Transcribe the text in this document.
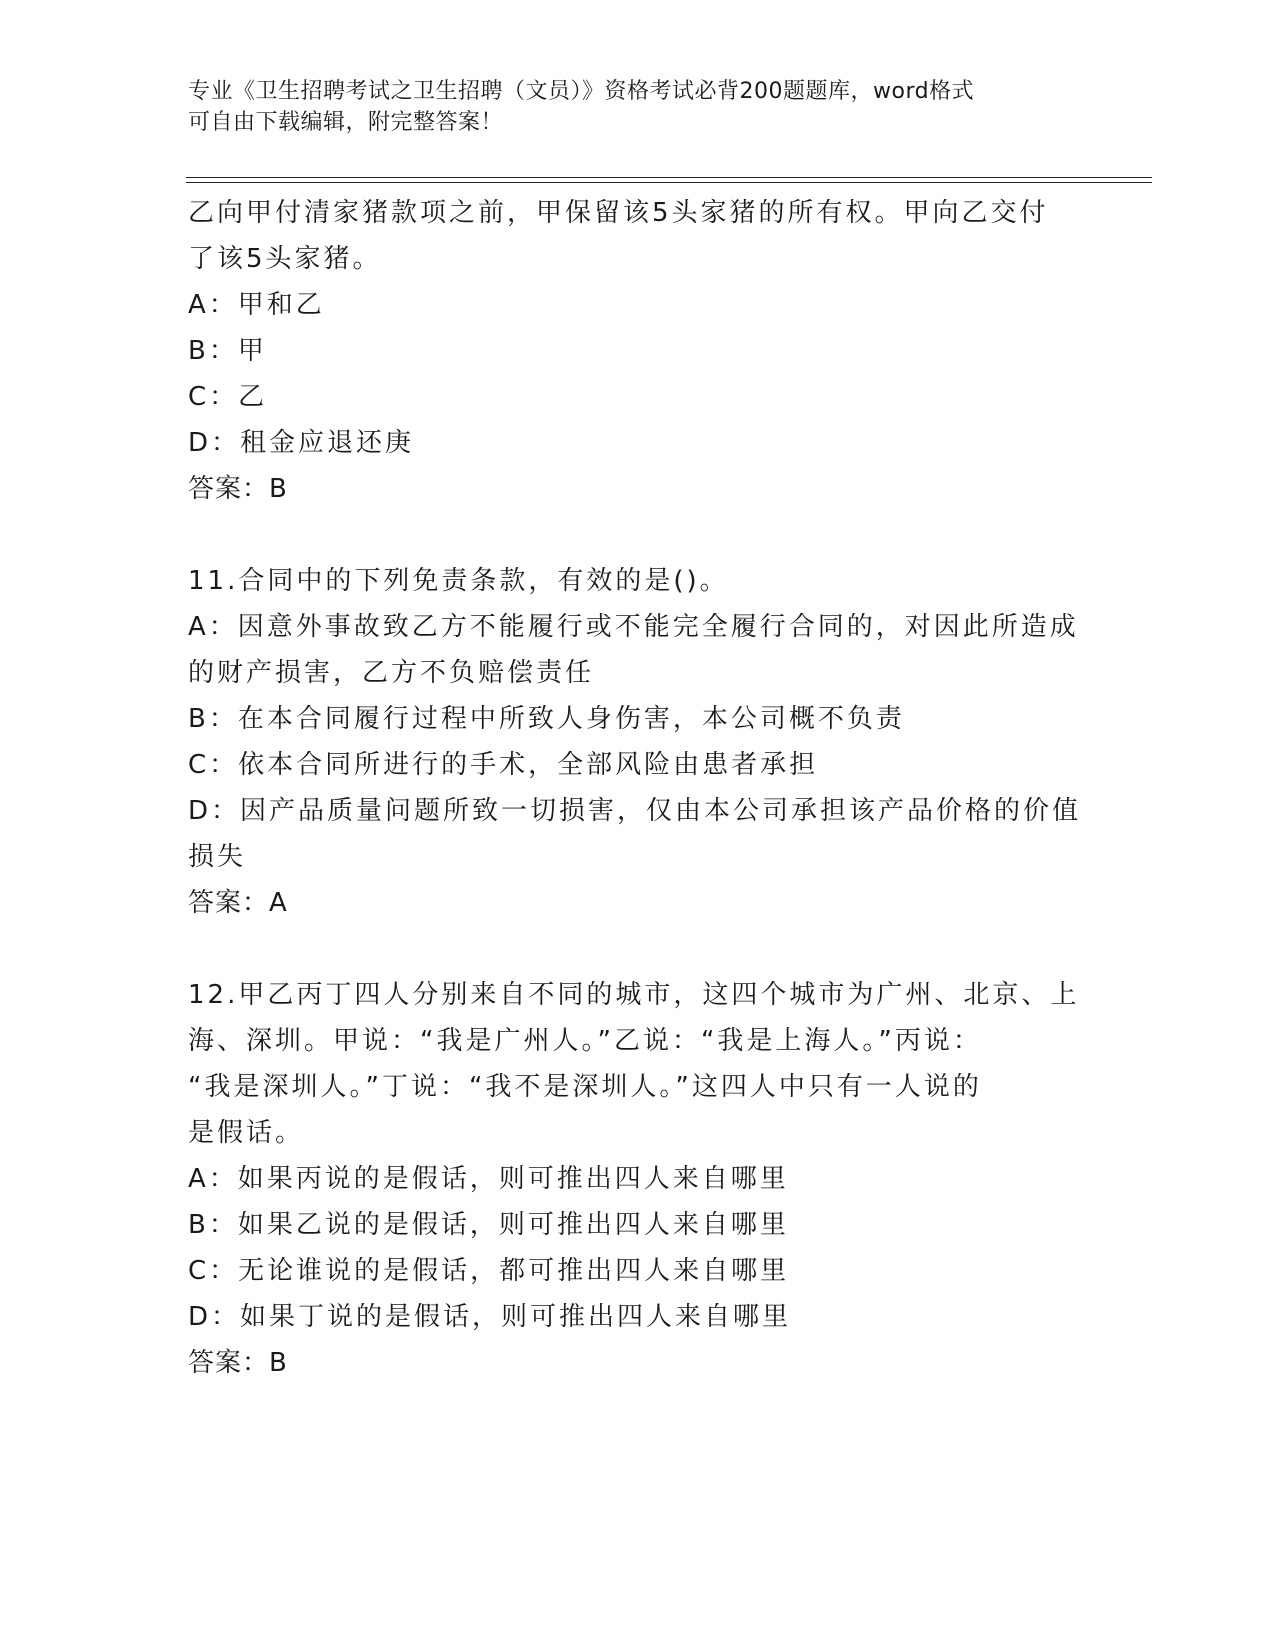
专业《卫生招聘考试之卫生招聘（文员）》资格考试必背200题题库，word格式
可自由下载编辑，附完整答案！
乙向甲付清家猪款项之前，甲保留该5头家猪的所有权。甲向乙交付
了该5头家猪。
A：甲和乙
B：甲
C：乙
D：租金应退还庚
答案：B
11.合同中的下列免责条款，有效的是()。
A：因意外事故致乙方不能履行或不能完全履行合同的，对因此所造成
的财产损害，乙方不负赔偿责任
B：在本合同履行过程中所致人身伤害，本公司概不负责
C：依本合同所进行的手术，全部风险由患者承担
D：因产品质量问题所致一切损害，仅由本公司承担该产品价格的价值
损失
答案：A
12.甲乙丙丁四人分别来自不同的城市，这四个城市为广州、北京、上
海、深圳。甲说：“我是广州人。”乙说：“我是上海人。”丙说：
“我是深圳人。”丁说：“我不是深圳人。”这四人中只有一人说的
是假话。
A：如果丙说的是假话，则可推出四人来自哪里
B：如果乙说的是假话，则可推出四人来自哪里
C：无论谁说的是假话，都可推出四人来自哪里
D：如果丁说的是假话，则可推出四人来自哪里
答案：B
